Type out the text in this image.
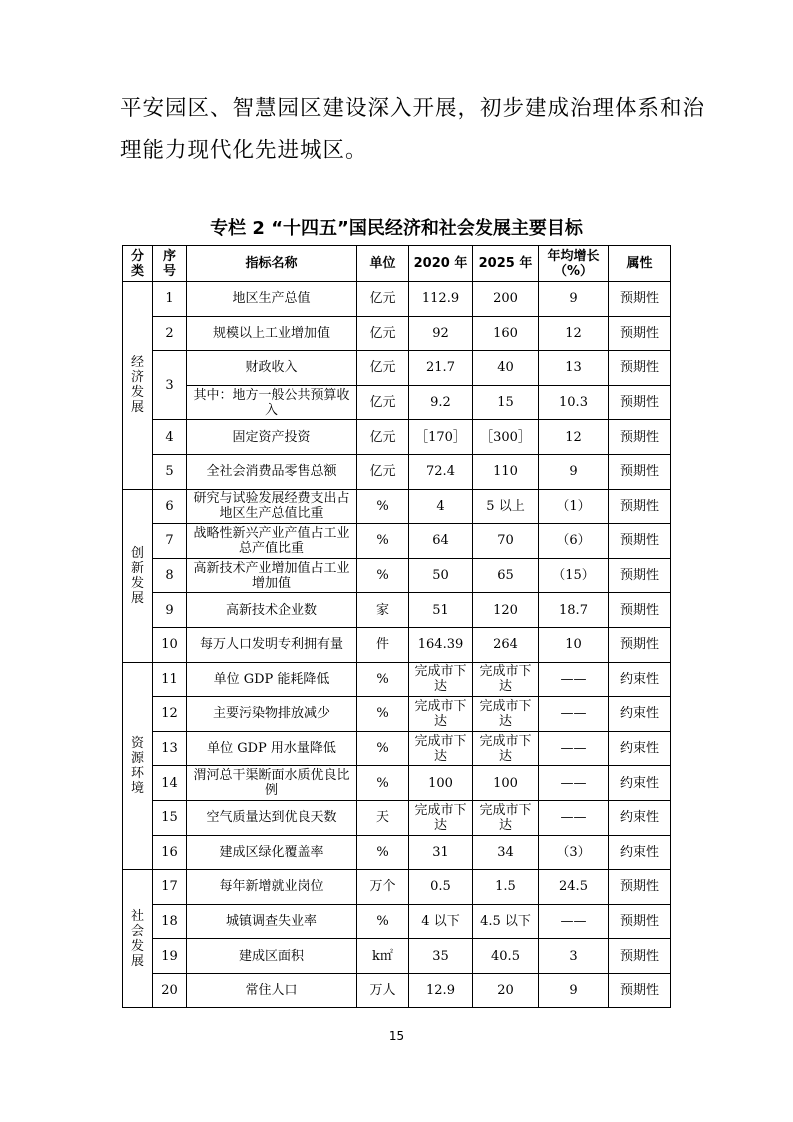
平安园区、智慧园区建设深入开展，初步建成治理体系和治
理能力现代化先进城区。
专栏 2 “十四五”国民经济和社会发展主要目标
分
类	序
号	指标名称	单位	2020 年	2025 年	年均增长
（%）	属性

经
济
发
展	1	地区生产总值	亿元	112.9	200	9	预期性
	2	规模以上工业增加值	亿元	92	160	12	预期性
	3	财政收入	亿元	21.7	40	13	预期性
		其中：地方一般公共预算收入	亿元	9.2	15	10.3	预期性
	4	固定资产投资	亿元	［170］	［300］	12	预期性
	5	全社会消费品零售总额	亿元	72.4	110	9	预期性

创
新
发
展	6	研究与试验发展经费支出占地区生产总值比重	%	4	5 以上	（1）	预期性
	7	战略性新兴产业产值占工业总产值比重	%	64	70	（6）	预期性
	8	高新技术产业增加值占工业增加值	%	50	65	（15）	预期性
	9	高新技术企业数	家	51	120	18.7	预期性
	10	每万人口发明专利拥有量	件	164.39	264	10	预期性

资
源
环
境	11	单位 GDP 能耗降低	%	完成市下达	完成市下达	——	约束性
	12	主要污染物排放减少	%	完成市下达	完成市下达	——	约束性
	13	单位 GDP 用水量降低	%	完成市下达	完成市下达	——	约束性
	14	渭河总干渠断面水质优良比例	%	100	100	——	约束性
	15	空气质量达到优良天数	天	完成市下达	完成市下达	——	约束性
	16	建成区绿化覆盖率	%	31	34	（3）	约束性

社
会
发
展	17	每年新增就业岗位	万个	0.5	1.5	24.5	预期性
	18	城镇调查失业率	%	4 以下	4.5 以下	——	预期性
	19	建成区面积	k㎡	35	40.5	3	预期性
	20	常住人口	万人	12.9	20	9	预期性
15
